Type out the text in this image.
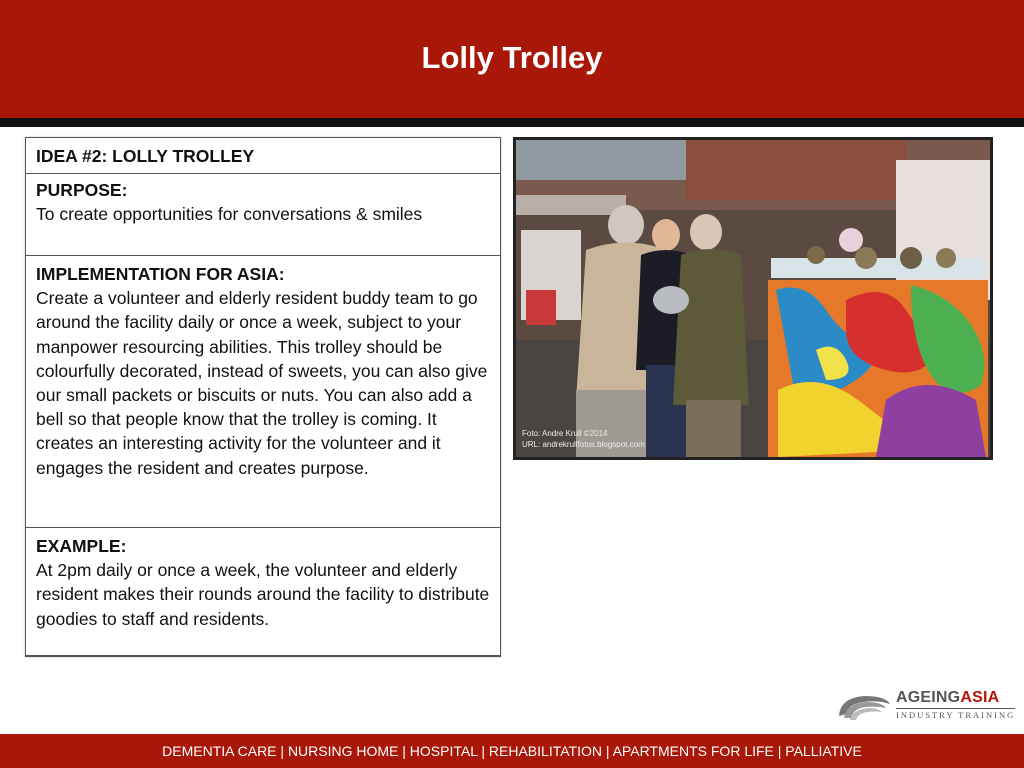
Lolly Trolley
IDEA #2: LOLLY TROLLEY
PURPOSE:
To create opportunities for conversations & smiles
IMPLEMENTATION FOR ASIA:
Create a volunteer and elderly resident buddy team to go around the facility daily or once a week, subject to your manpower resourcing abilities. This trolley should be colourfully decorated, instead of sweets, you can also give our small packets or biscuits or nuts. You can also add a bell so that people know that the trolley is coming. It creates an interesting activity for the volunteer and it engages the resident and creates purpose.
EXAMPLE:
At 2pm daily or once a week, the volunteer and elderly resident makes their rounds around the facility to distribute goodies to staff and residents.
Foto: Andre Krull ©2014
URL: andrekrullfotos.blogspot.com
AGEINGASIA
INDUSTRY TRAINING
DEMENTIA CARE | NURSING HOME | HOSPITAL | REHABILITATION | APARTMENTS FOR LIFE | PALLIATIVE
